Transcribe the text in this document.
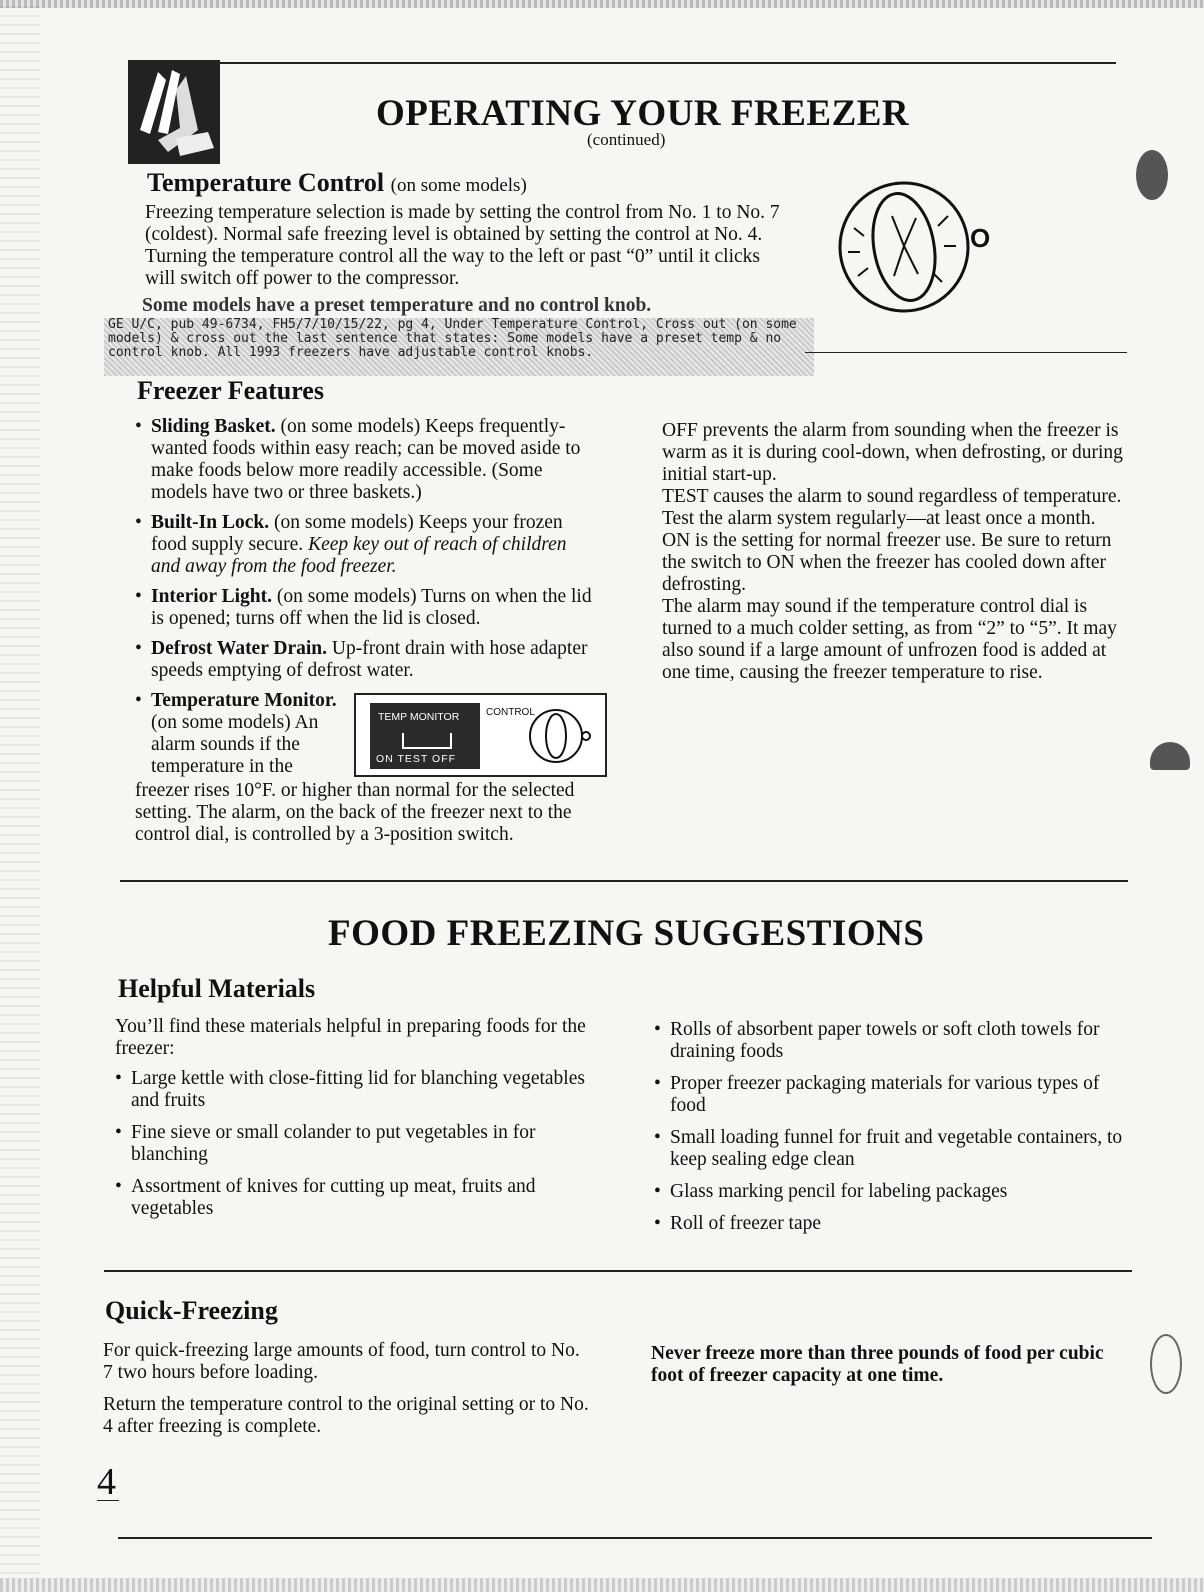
OPERATING YOUR FREEZER
(continued)
Temperature Control (on some models)

Freezing temperature selection is made by setting the control from No. 1 to No. 7 (coldest). Normal safe freezing level is obtained by setting the control at No. 4. Turning the temperature control all the way to the left or past “0” until it clicks will switch off power to the compressor.

Some models have a preset temperature and no control knob.
GE U/C, pub 49-6734, FH5/7/10/15/22, pg 4, Under Temperature Control, Cross out (on some models) & cross out the last sentence that states: Some models have a preset temp & no control knob. All 1993 freezers have adjustable control knobs.
O
Freezer Features

• Sliding Basket. (on some models) Keeps frequently-wanted foods within easy reach; can be moved aside to make foods below more readily accessible. (Some models have two or three baskets.)

• Built-In Lock. (on some models) Keeps your frozen food supply secure. Keep key out of reach of children and away from the food freezer.

• Interior Light. (on some models) Turns on when the lid is opened; turns off when the lid is closed.

• Defrost Water Drain. Up-front drain with hose adapter speeds emptying of defrost water.

• Temperature Monitor.
(on some models) An alarm sounds if the temperature in the

freezer rises 10°F. or higher than normal for the selected setting. The alarm, on the back of the freezer next to the control dial, is controlled by a 3-position switch.

TEMP MONITOR
ON TEST OFF
CONTROL

OFF prevents the alarm from sounding when the freezer is warm as it is during cool-down, when defrosting, or during initial start-up.

TEST causes the alarm to sound regardless of temperature. Test the alarm system regularly—at least once a month.

ON is the setting for normal freezer use. Be sure to return the switch to ON when the freezer has cooled down after defrosting.

The alarm may sound if the temperature control dial is turned to a much colder setting, as from “2” to “5”. It may also sound if a large amount of unfrozen food is added at one time, causing the freezer temperature to rise.

FOOD FREEZING SUGGESTIONS
Helpful Materials

You’ll find these materials helpful in preparing foods for the freezer:

• Large kettle with close-fitting lid for blanching vegetables and fruits

• Fine sieve or small colander to put vegetables in for blanching

• Assortment of knives for cutting up meat, fruits and vegetables

• Rolls of absorbent paper towels or soft cloth towels for draining foods

• Proper freezer packaging materials for various types of food

• Small loading funnel for fruit and vegetable containers, to keep sealing edge clean

• Glass marking pencil for labeling packages

• Roll of freezer tape

Quick-Freezing

For quick-freezing large amounts of food, turn control to No. 7 two hours before loading.

Return the temperature control to the original setting or to No. 4 after freezing is complete.

Never freeze more than three pounds of food per cubic foot of freezer capacity at one time.

4
